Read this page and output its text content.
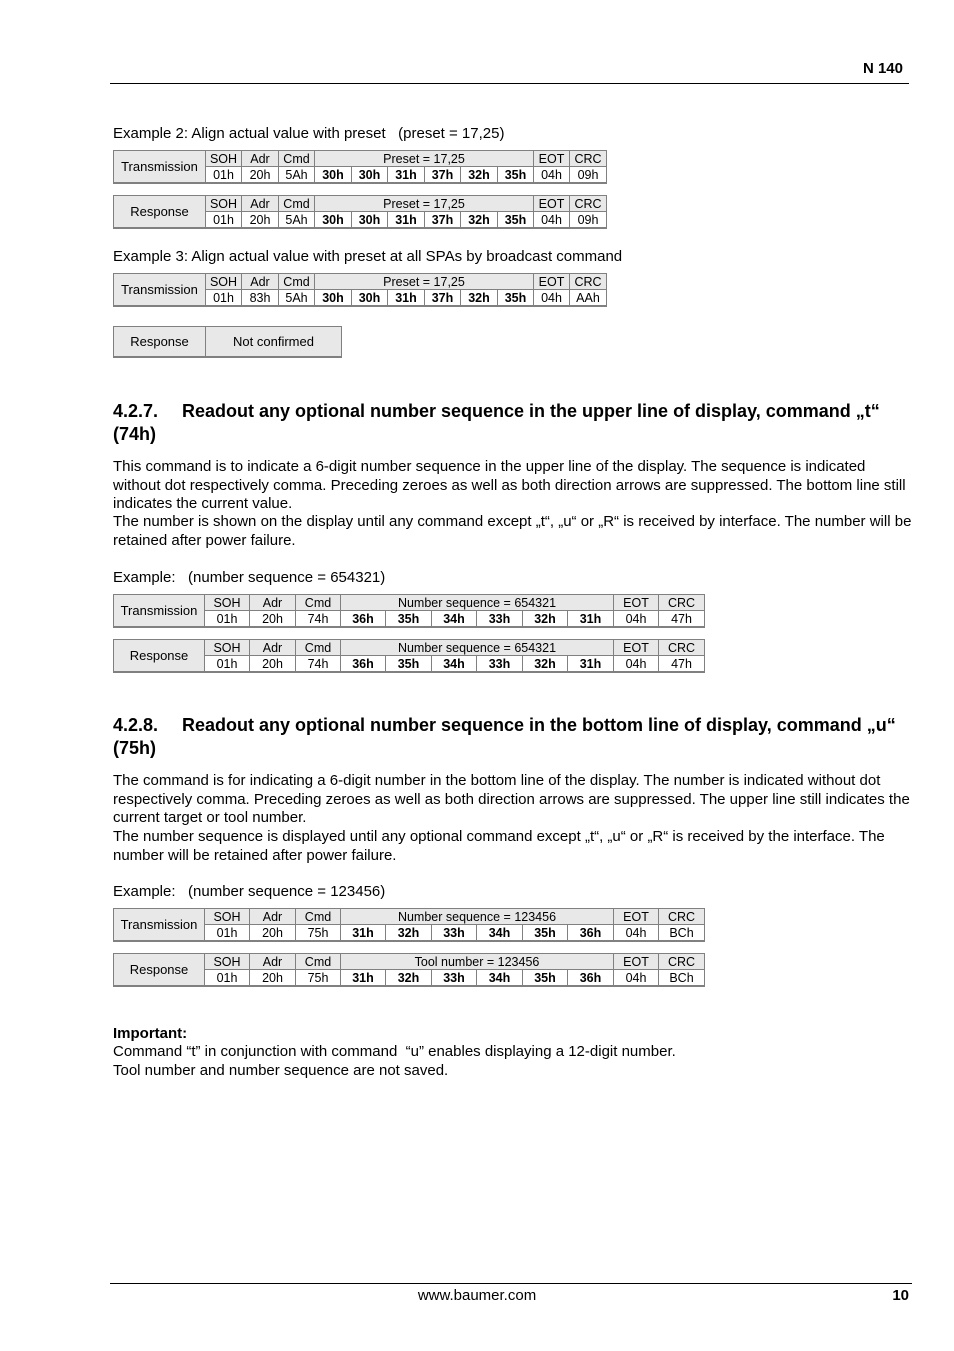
N 140
Example 2: Align actual value with preset   (preset = 17,25)
Transmission	SOH	Adr	Cmd	Preset = 17,25						EOT	CRC
	01h	20h	5Ah	30h	30h	31h	37h	32h	35h	04h	09h
Response	SOH	Adr	Cmd	Preset = 17,25						EOT	CRC
	01h	20h	5Ah	30h	30h	31h	37h	32h	35h	04h	09h
Example 3: Align actual value with preset at all SPAs by broadcast command
Transmission	SOH	Adr	Cmd	Preset = 17,25						EOT	CRC
	01h	83h	5Ah	30h	30h	31h	37h	32h	35h	04h	AAh
Response	Not confirmed
4.2.7. Readout any optional number sequence in the upper line of display, command „t“ (74h)
This command is to indicate a 6-digit number sequence in the upper line of the display. The sequence is indicated without dot respectively comma. Preceding zeroes as well as both direction arrows are suppressed. The bottom line still indicates the current value.
The number is shown on the display until any command except „t“, „u“ or „R“ is received by interface. The number will be retained after power failure.
Example:   (number sequence = 654321)
Transmission	SOH	Adr	Cmd	Number sequence = 654321						EOT	CRC
	01h	20h	74h	36h	35h	34h	33h	32h	31h	04h	47h
Response	SOH	Adr	Cmd	Number sequence = 654321						EOT	CRC
	01h	20h	74h	36h	35h	34h	33h	32h	31h	04h	47h
4.2.8. Readout any optional number sequence in the bottom line of display, command „u“ (75h)
The command is for indicating a 6-digit number in the bottom line of the display. The number is indicated without dot respectively comma. Preceding zeroes as well as both direction arrows are suppressed. The upper line still indicates the current target or tool number.
The number sequence is displayed until any optional command except „t“, „u“ or „R“ is received by the interface. The number will be retained after power failure.
Example:   (number sequence = 123456)
Transmission	SOH	Adr	Cmd	Number sequence = 123456						EOT	CRC
	01h	20h	75h	31h	32h	33h	34h	35h	36h	04h	BCh
Response	SOH	Adr	Cmd	Tool number = 123456						EOT	CRC
	01h	20h	75h	31h	32h	33h	34h	35h	36h	04h	BCh
Important:
Command “t” in conjunction with command  “u” enables displaying a 12-digit number.
Tool number and number sequence are not saved.
www.baumer.com	10
